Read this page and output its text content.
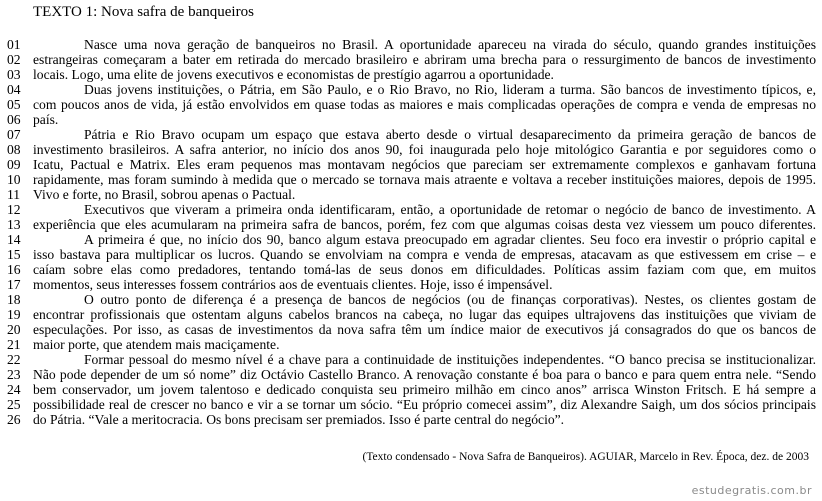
TEXTO 1: Nova safra de banqueiros
01	Nasce uma nova geração de banqueiros no Brasil. A oportunidade apareceu na virada do século, quando grandes instituições
02 estrangeiras começaram a bater em retirada do mercado brasileiro e abriram uma brecha para o ressurgimento de bancos de investimento
03 locais. Logo, uma elite de jovens executivos e economistas de prestígio agarrou a oportunidade.
04	Duas jovens instituições, o Pátria, em São Paulo, e o Rio Bravo, no Rio, lideram a turma. São bancos de investimento típicos, e,
05 com poucos anos de vida, já estão envolvidos em quase todas as maiores e mais complicadas operações de compra e venda de empresas no
06 país.
07	Pátria e Rio Bravo ocupam um espaço que estava aberto desde o virtual desaparecimento da primeira geração de bancos de
08 investimento brasileiros. A safra anterior, no início dos anos 90, foi inaugurada pelo hoje mitológico Garantia e por seguidores como o
09 Icatu, Pactual e Matrix. Eles eram pequenos mas montavam negócios que pareciam ser extremamente complexos e ganhavam fortuna
10 rapidamente, mas foram sumindo à medida que o mercado se tornava mais atraente e voltava a receber instituições maiores, depois de 1995.
11 Vivo e forte, no Brasil, sobrou apenas o Pactual.
12	Executivos que viveram a primeira onda identificaram, então, a oportunidade de retomar o negócio de banco de investimento. A
13 experiência que eles acumularam na primeira safra de bancos, porém, fez com que algumas coisas desta vez viessem um pouco diferentes.
14	A primeira é que, no início dos 90, banco algum estava preocupado em agradar clientes. Seu foco era investir o próprio capital e
15 isso bastava para multiplicar os lucros. Quando se envolviam na compra e venda de empresas, atacavam as que estivessem em crise – e
16 caíam sobre elas como predadores, tentando tomá-las de seus donos em dificuldades. Políticas assim faziam com que, em muitos
17 momentos, seus interesses fossem contrários aos de eventuais clientes. Hoje, isso é impensável.
18	O outro ponto de diferença é a presença de bancos de negócios (ou de finanças corporativas). Nestes, os clientes gostam de
19 encontrar profissionais que ostentam alguns cabelos brancos na cabeça, no lugar das equipes ultrajovens das instituições que viviam de
20 especulações. Por isso, as casas de investimentos da nova safra têm um índice maior de executivos já consagrados do que os bancos de
21 maior porte, que atendem mais maciçamente.
22	Formar pessoal do mesmo nível é a chave para a continuidade de instituições independentes. “O banco precisa se institucionalizar.
23 Não pode depender de um só nome” diz Octávio Castello Branco. A renovação constante é boa para o banco e para quem entra nele. “Sendo
24 bem conservador, um jovem talentoso e dedicado conquista seu primeiro milhão em cinco anos” arrisca Winston Fritsch. E há sempre a
25 possibilidade real de crescer no banco e vir a se tornar um sócio. “Eu próprio comecei assim”, diz Alexandre Saigh, um dos sócios principais
26 do Pátria. “Vale a meritocracia. Os bons precisam ser premiados. Isso é parte central do negócio”.
(Texto condensado - Nova Safra de Banqueiros). AGUIAR, Marcelo in Rev. Época, dez. de 2003
estudegratis.com.br
